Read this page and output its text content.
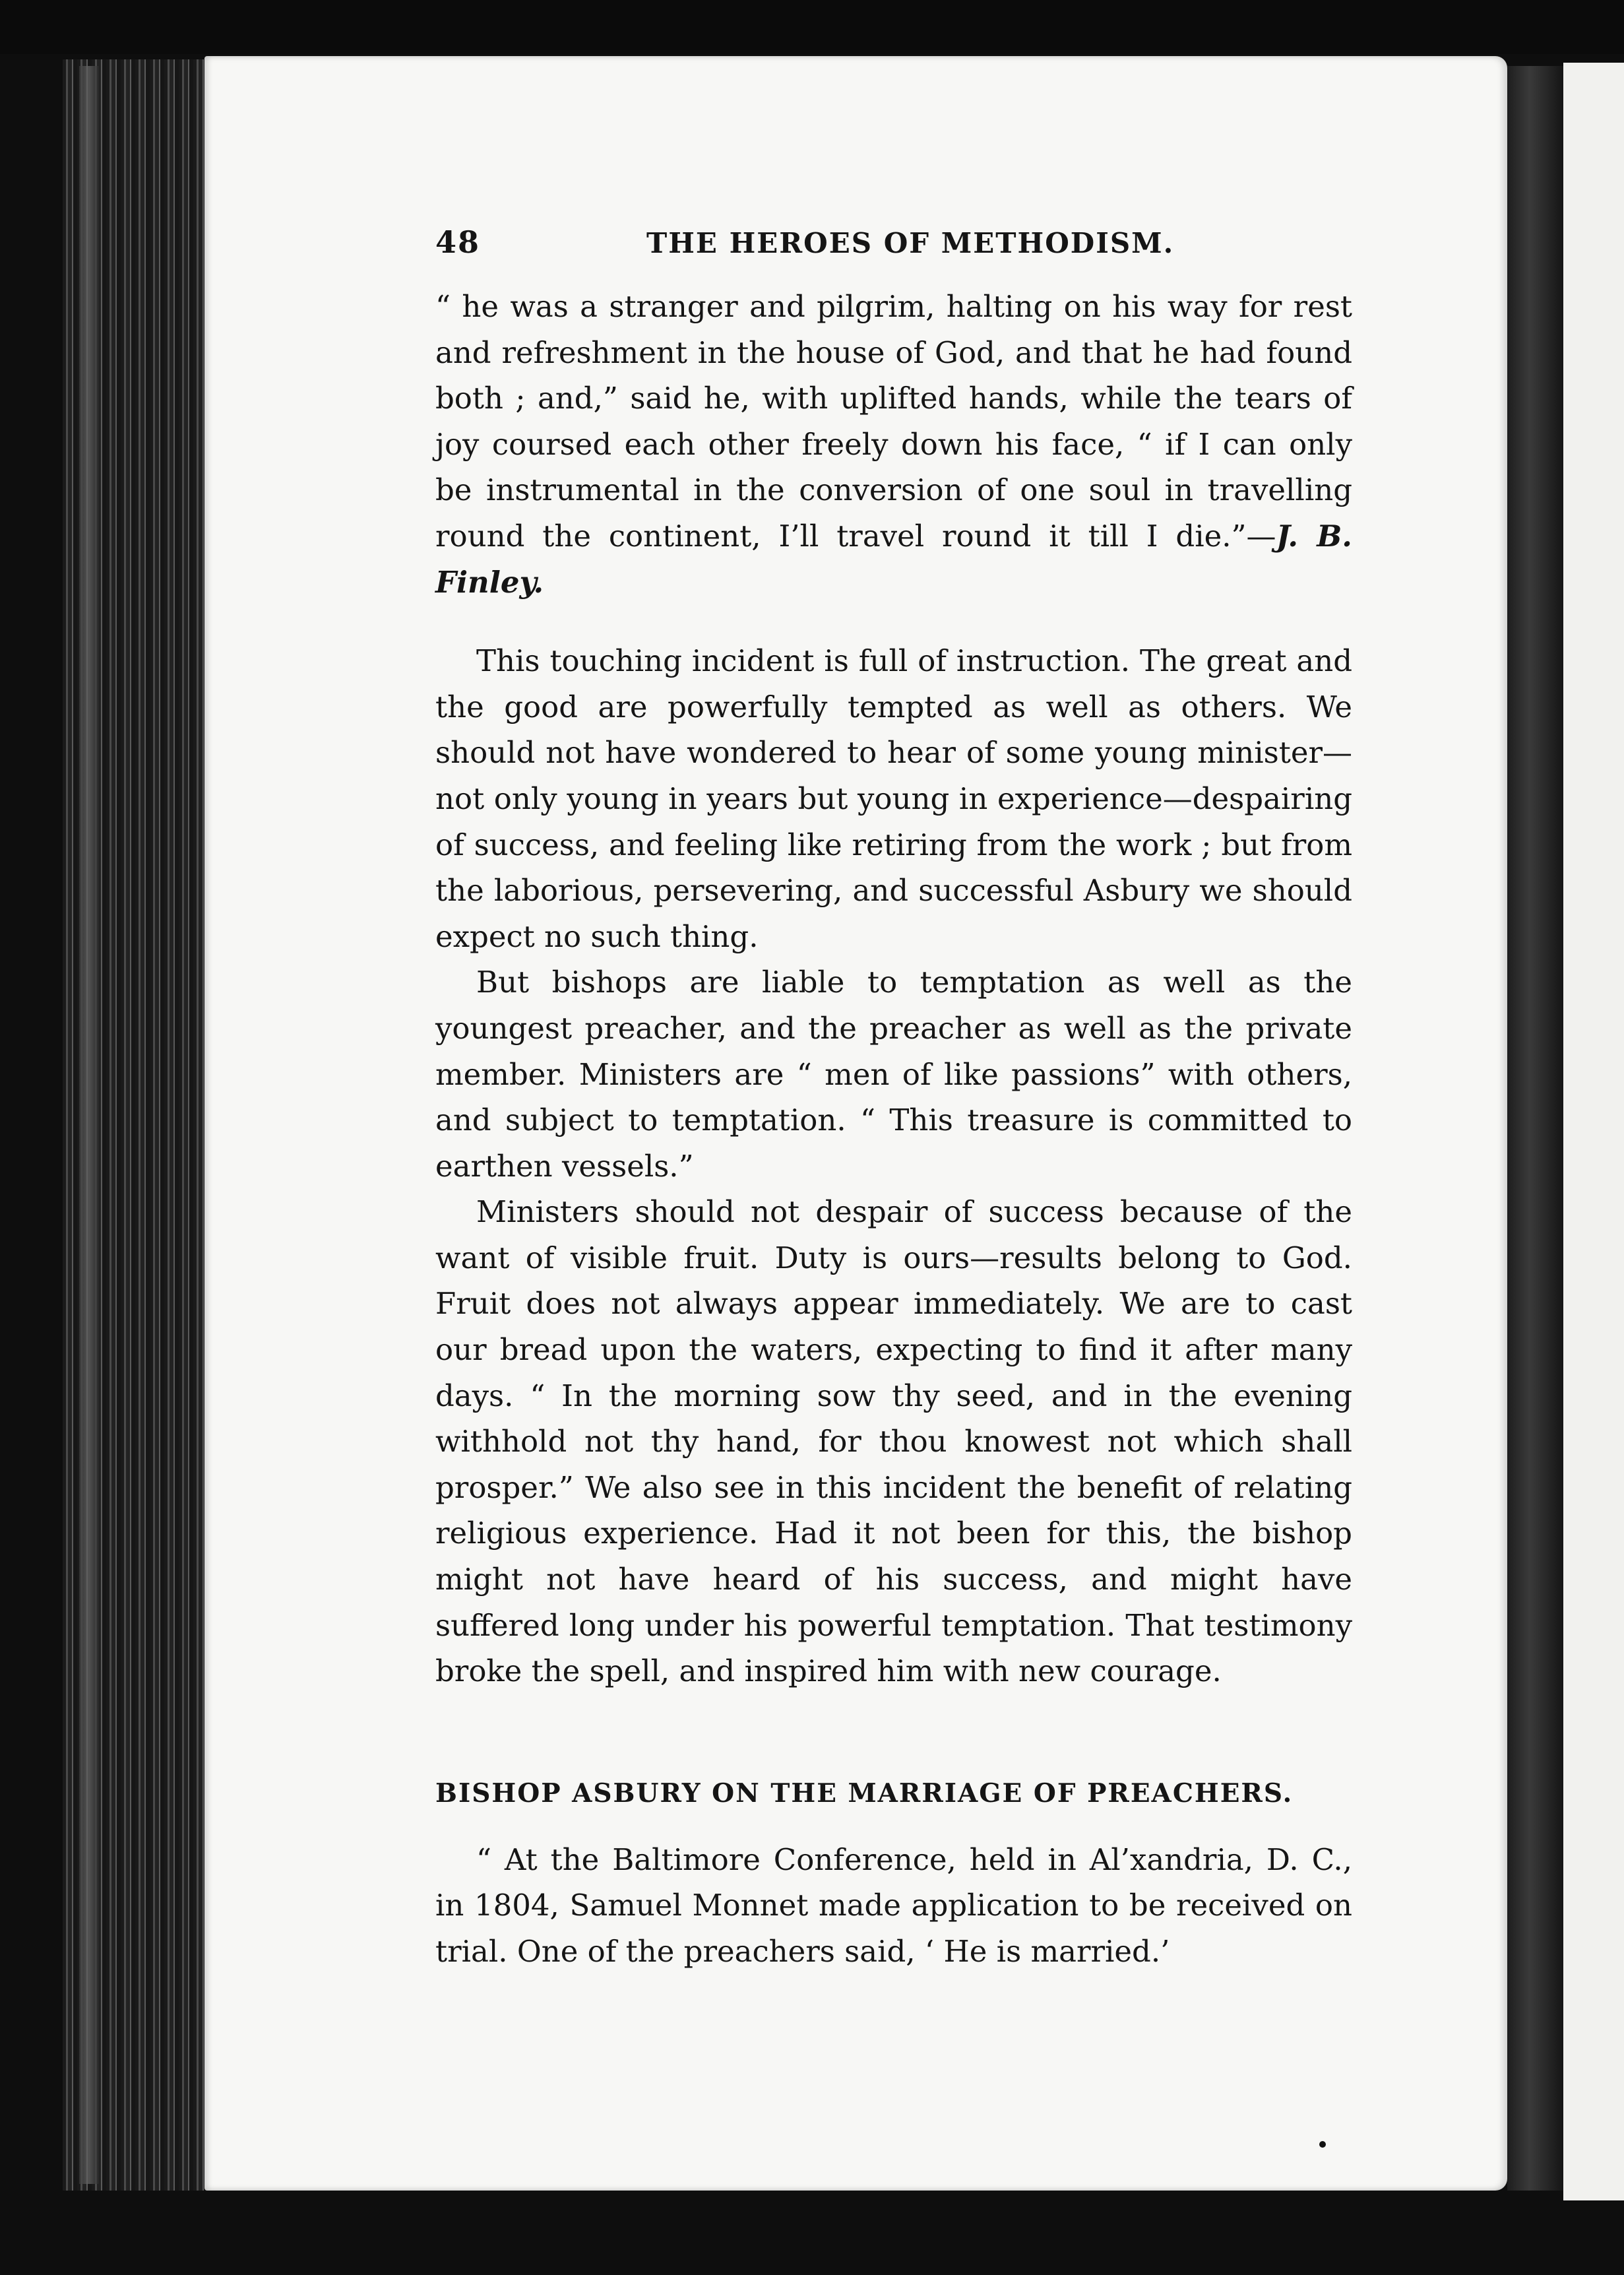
48	THE HEROES OF METHODISM.

“ he was a stranger and pilgrim, halting on his way for rest and refreshment in the house of God, and that he had found both ; and,” said he, with uplifted hands, while the tears of joy coursed each other freely down his face, “ if I can only be instrumental in the conversion of one soul in travelling round the continent, I’ll travel round it till I die.”—J. B. Finley.

This touching incident is full of instruction. The great and the good are powerfully tempted as well as others. We should not have wondered to hear of some young minister—not only young in years but young in experience—despairing of success, and feeling like retiring from the work ; but from the laborious, persevering, and successful Asbury we should expect no such thing.

But bishops are liable to temptation as well as the youngest preacher, and the preacher as well as the private member. Ministers are “ men of like passions” with others, and subject to temptation. “ This treasure is committed to earthen vessels.”

Ministers should not despair of success because of the want of visible fruit. Duty is ours—results belong to God. Fruit does not always appear immediately. We are to cast our bread upon the waters, expecting to find it after many days. “ In the morning sow thy seed, and in the evening withhold not thy hand, for thou knowest not which shall prosper.” We also see in this incident the benefit of relating religious experience. Had it not been for this, the bishop might not have heard of his success, and might have suffered long under his powerful temptation. That testimony broke the spell, and inspired him with new courage.

BISHOP ASBURY ON THE MARRIAGE OF PREACHERS.

“ At the Baltimore Conference, held in Al’xandria, D. C., in 1804, Samuel Monnet made application to be received on trial. One of the preachers said, ‘ He is married.’
